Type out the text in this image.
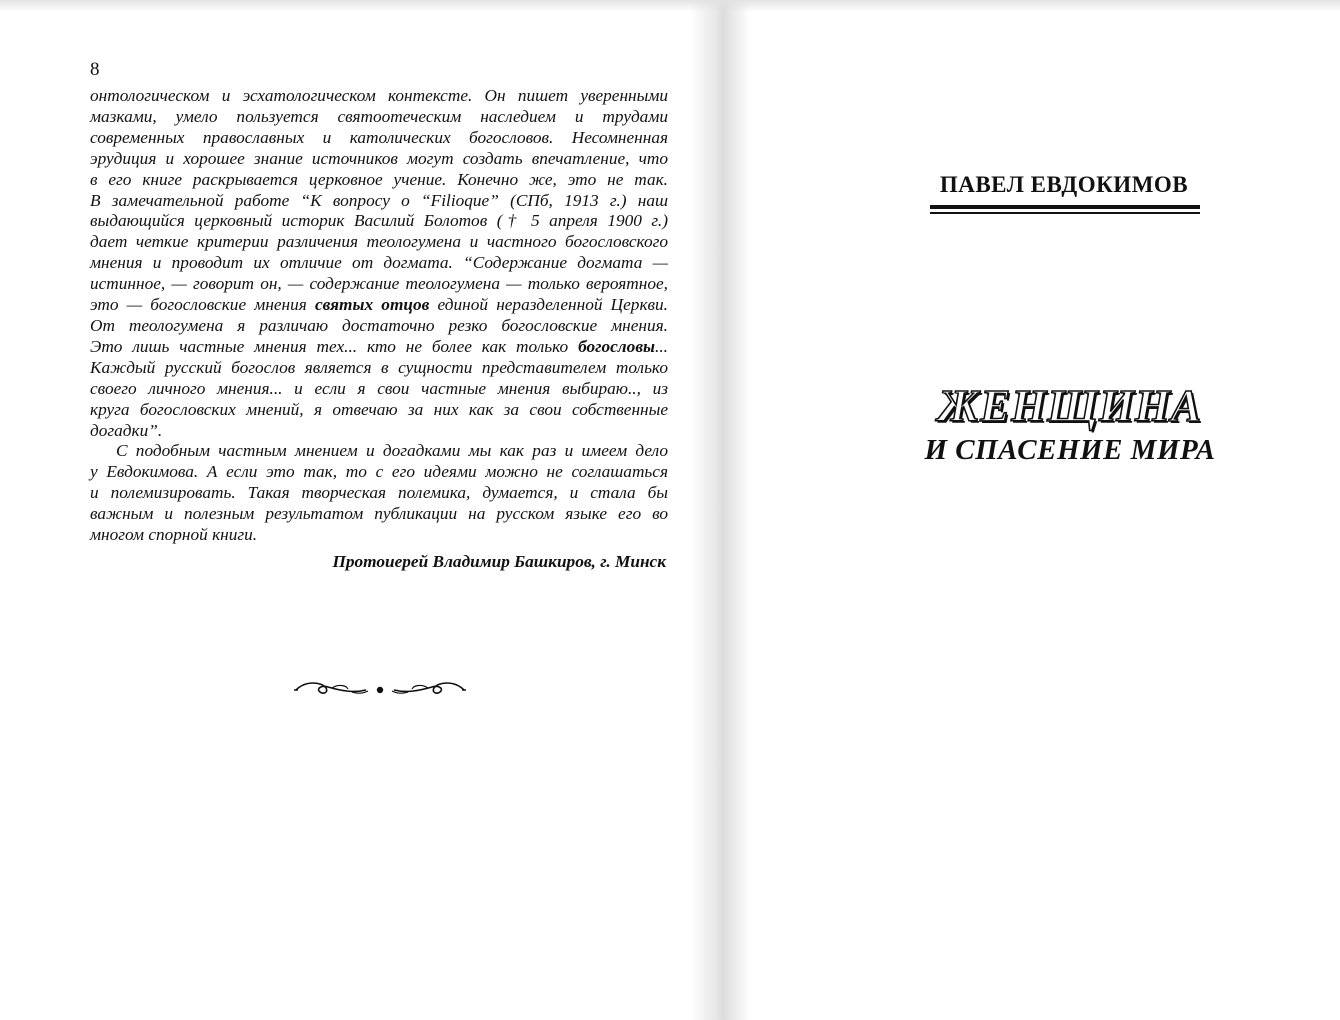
8
онтологическом и эсхатологическом контексте. Он пишет уверенными
мазками, умело пользуется святоотеческим наследием и трудами
современных православных и католических богословов. Несомненная
эрудиция и хорошее знание источников могут создать впечатление, что
в его книге раскрывается церковное учение. Конечно же, это не так.
В замечательной работе “К вопросу о “Filioque” (СПб, 1913 г.) наш
выдающийся церковный историк Василий Болотов († 5 апреля 1900 г.)
дает четкие критерии различения теологумена и частного богословского
мнения и проводит их отличие от догмата. “Содержание догмата —
истинное, — говорит он, — содержание теологумена — только вероятное,
это — богословские мнения святых отцов единой неразделенной Церкви.
От теологумена я различаю достаточно резко богословские мнения.
Это лишь частные мнения тех... кто не более как только богословы...
Каждый русский богослов является в сущности представителем только
своего личного мнения... и если я свои частные мнения выбираю.., из
круга богословских мнений, я отвечаю за них как за свои собственные
догадки”.
С подобным частным мнением и догадками мы как раз и имеем дело
у Евдокимова. А если это так, то с его идеями можно не соглашаться
и полемизировать. Такая творческая полемика, думается, и стала бы
важным и полезным результатом публикации на русском языке его во
многом спорной книги.
Протоиерей Владимир Башкиров, г. Минск
ПАВЕЛ ЕВДОКИМОВ
ЖЕНЩИНА
И СПАСЕНИЕ МИРА
